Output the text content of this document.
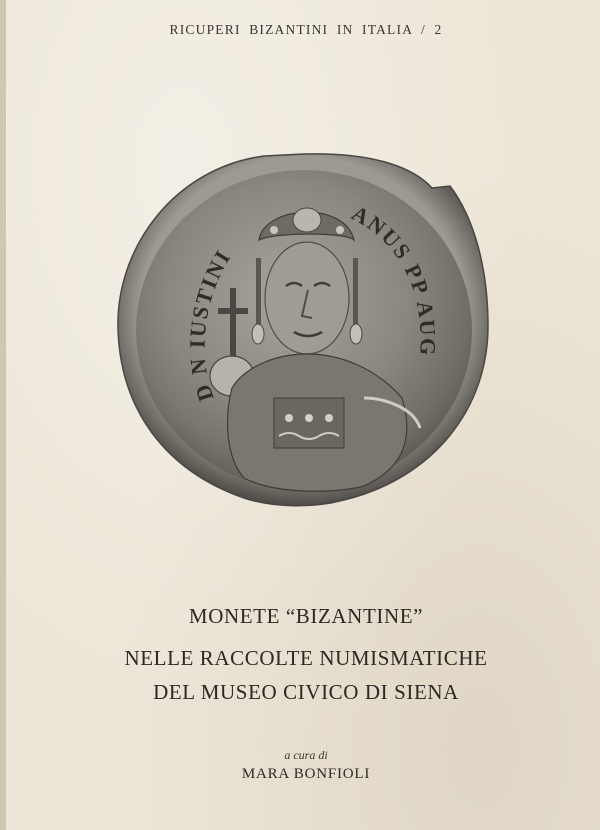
RICUPERI BIZANTINI IN ITALIA / 2
D N IUSTINI
ANUS PP AUG
MONETE “BIZANTINE”
NELLE RACCOLTE NUMISMATICHE
DEL MUSEO CIVICO DI SIENA
a cura di
MARA BONFIOLI
